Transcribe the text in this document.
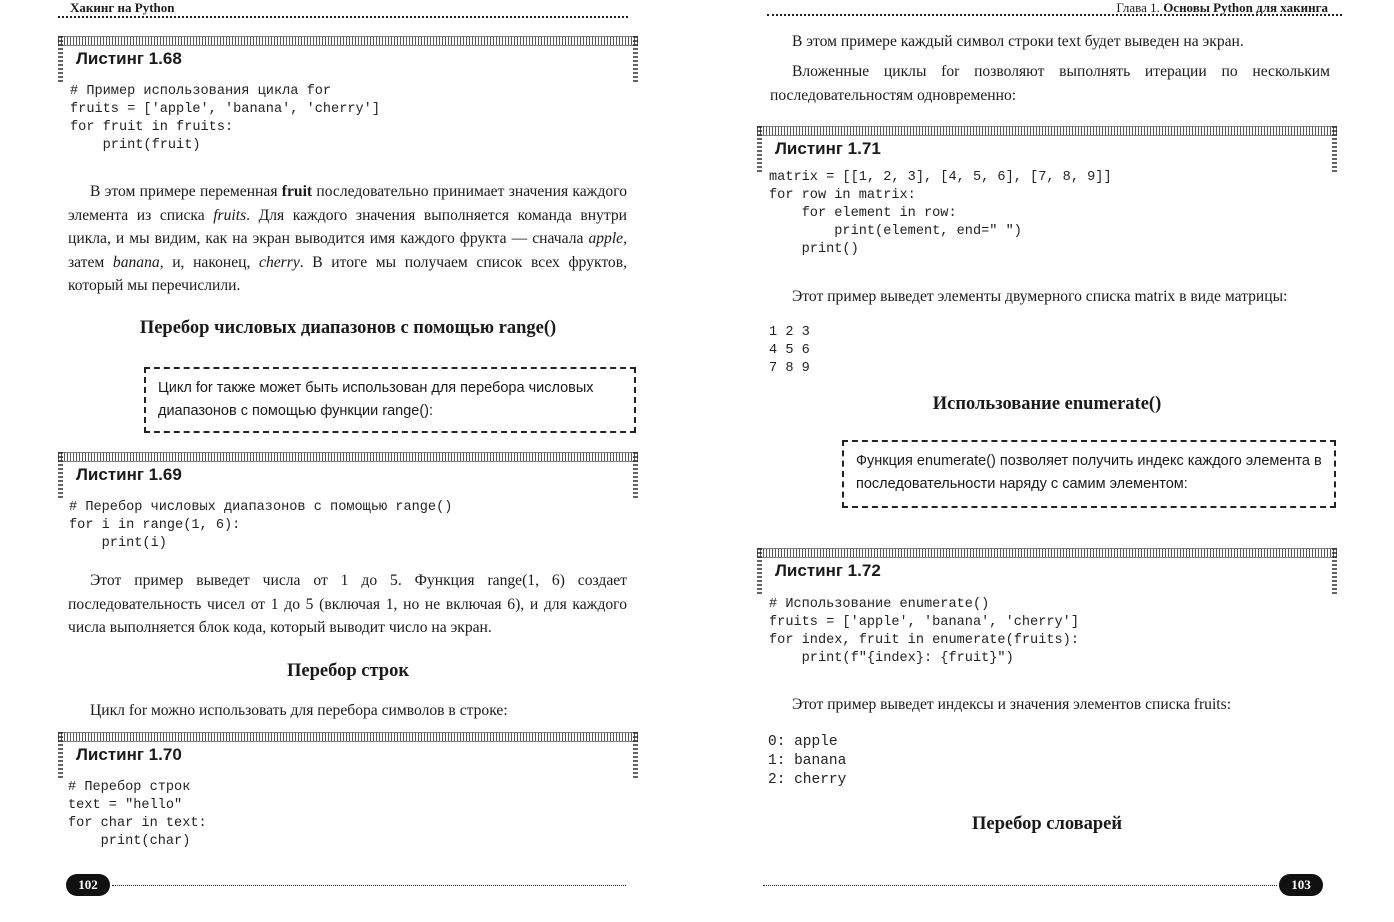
Хакинг на Python
Листинг 1.68
# Пример использования цикла for
fruits = ['apple', 'banana', 'cherry']
for fruit in fruits:
print(fruit)

В этом примере переменная fruit последовательно принимает значения каждого элемента из списка fruits. Для каждого значения выполняется команда внутри цикла, и мы видим, как на экран выводится имя каждого фрукта — сначала apple, затем banana, и, наконец, cherry. В итоге мы получаем список всех фруктов, который мы перечислили.

Перебор числовых диапазонов с помощью range()
Цикл for также может быть использован для перебора числовых диапазонов с помощью функции range():
Листинг 1.69
# Перебор числовых диапазонов с помощью range()
for i in range(1, 6):
print(i)

Этот пример выведет числа от 1 до 5. Функция range(1, 6) создает последовательность чисел от 1 до 5 (включая 1, но не включая 6), и для каждого числа выполняется блок кода, который выводит число на экран.

Перебор строк

Цикл for можно использовать для перебора символов в строке:

Листинг 1.70
# Перебор строк
text = "hello"
for char in text:
print(char)
102
Глава 1. Основы Python для хакинга

В этом примере каждый символ строки text будет выведен на экран.

Вложенные циклы for позволяют выполнять итерации по нескольким последовательностям одновременно:

Листинг 1.71
matrix = [[1, 2, 3], [4, 5, 6], [7, 8, 9]]
for row in matrix:
for element in row:
print(element, end=" ")
print()

Этот пример выведет элементы двумерного списка matrix в виде матрицы:

1 2 3
4 5 6
7 8 9
Использование enumerate()
Функция enumerate() позволяет получить индекс каждого элемента в последовательности наряду с самим элементом:
Листинг 1.72
# Использование enumerate()
fruits = ['apple', 'banana', 'cherry']
for index, fruit in enumerate(fruits):
print(f"{index}: {fruit}")

Этот пример выведет индексы и значения элементов списка fruits:

0: apple
1: banana
2: cherry
Перебор словарей
103
